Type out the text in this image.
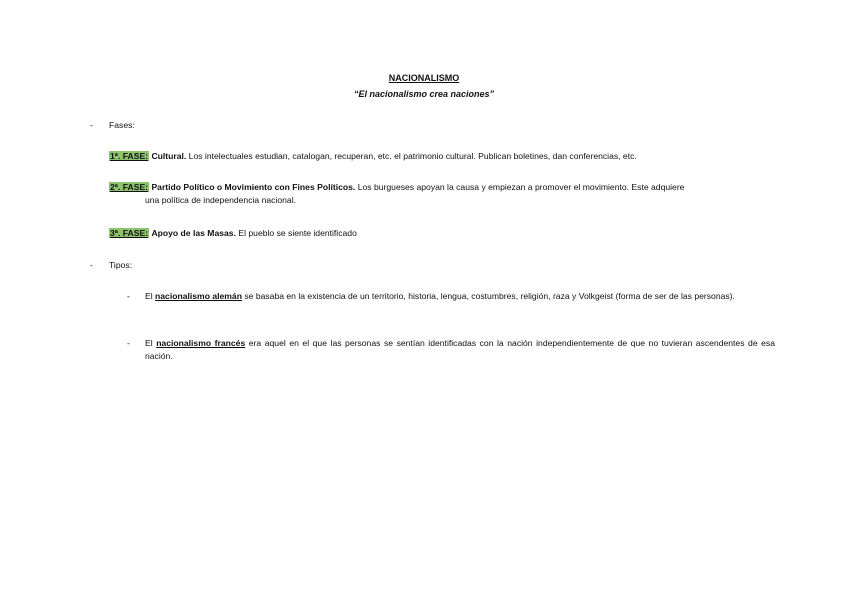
NACIONALISMO
“El nacionalismo crea naciones”
- Fases:
1ª. FASE: Cultural. Los intelectuales estudian, catalogan, recuperan, etc. el patrimonio cultural. Publican boletines, dan conferencias, etc.
2ª. FASE: Partido Político o Movimiento con Fines Políticos. Los burgueses apoyan la causa y empiezan a promover el movimiento. Este adquiere
una política de independencia nacional.
3ª. FASE: Apoyo de las Masas. El pueblo se siente identificado
- Tipos:
- El nacionalismo alemán se basaba en la existencia de un territorio, historia, lengua, costumbres, religión, raza y Volkgeist (forma de ser de las personas).
- El nacionalismo francés era aquel en el que las personas se sentían identificadas con la nación independientemente de que no tuvieran ascendentes de esa nación.
